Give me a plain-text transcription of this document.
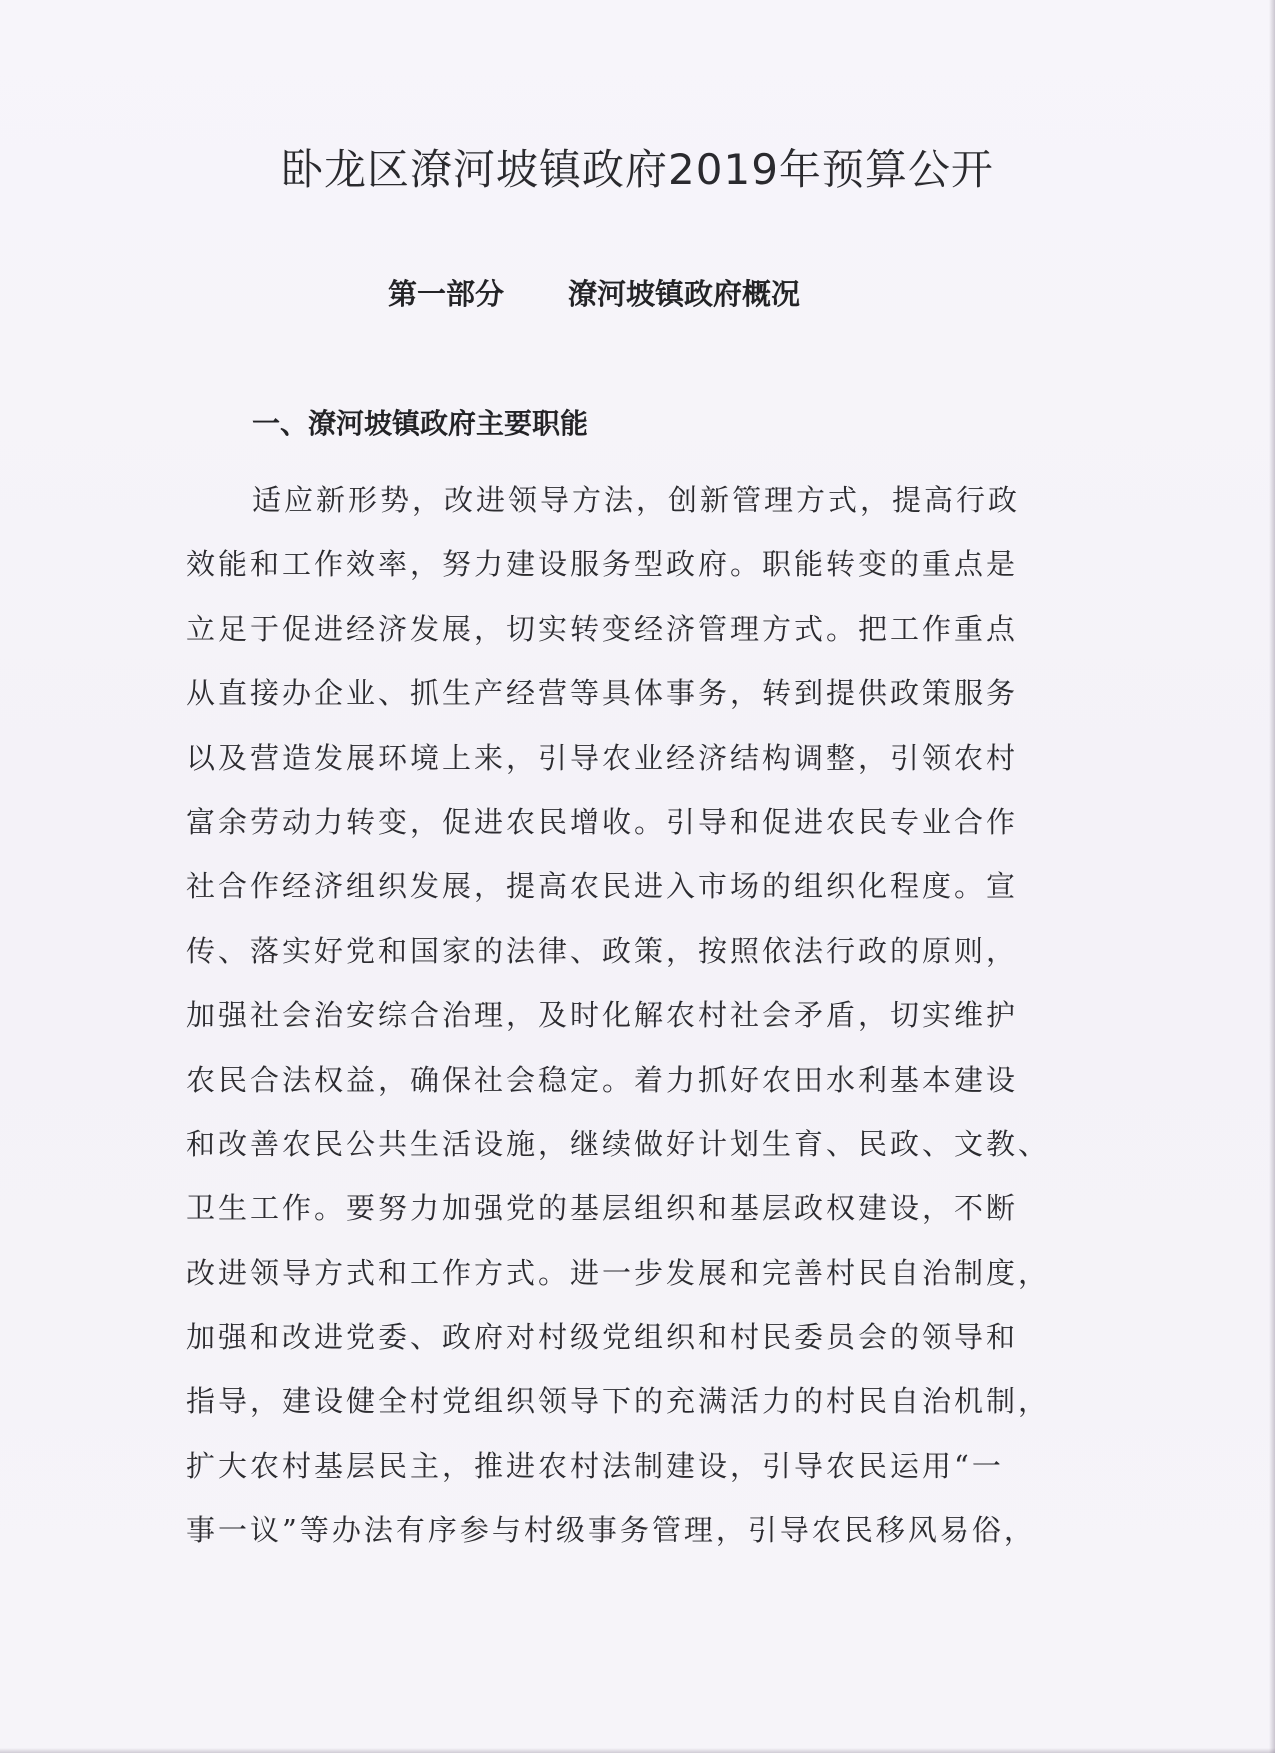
卧龙区潦河坡镇政府2019年预算公开
第一部分 潦河坡镇政府概况
一、潦河坡镇政府主要职能
适应新形势，改进领导方法，创新管理方式，提高行政
效能和工作效率，努力建设服务型政府。职能转变的重点是
立足于促进经济发展，切实转变经济管理方式。把工作重点
从直接办企业、抓生产经营等具体事务，转到提供政策服务
以及营造发展环境上来，引导农业经济结构调整，引领农村
富余劳动力转变，促进农民增收。引导和促进农民专业合作
社合作经济组织发展，提高农民进入市场的组织化程度。宣
传、落实好党和国家的法律、政策，按照依法行政的原则，
加强社会治安综合治理，及时化解农村社会矛盾，切实维护
农民合法权益，确保社会稳定。着力抓好农田水利基本建设
和改善农民公共生活设施，继续做好计划生育、民政、文教、
卫生工作。要努力加强党的基层组织和基层政权建设，不断
改进领导方式和工作方式。进一步发展和完善村民自治制度，
加强和改进党委、政府对村级党组织和村民委员会的领导和
指导，建设健全村党组织领导下的充满活力的村民自治机制，
扩大农村基层民主，推进农村法制建设，引导农民运用“一
事一议”等办法有序参与村级事务管理，引导农民移风易俗，
